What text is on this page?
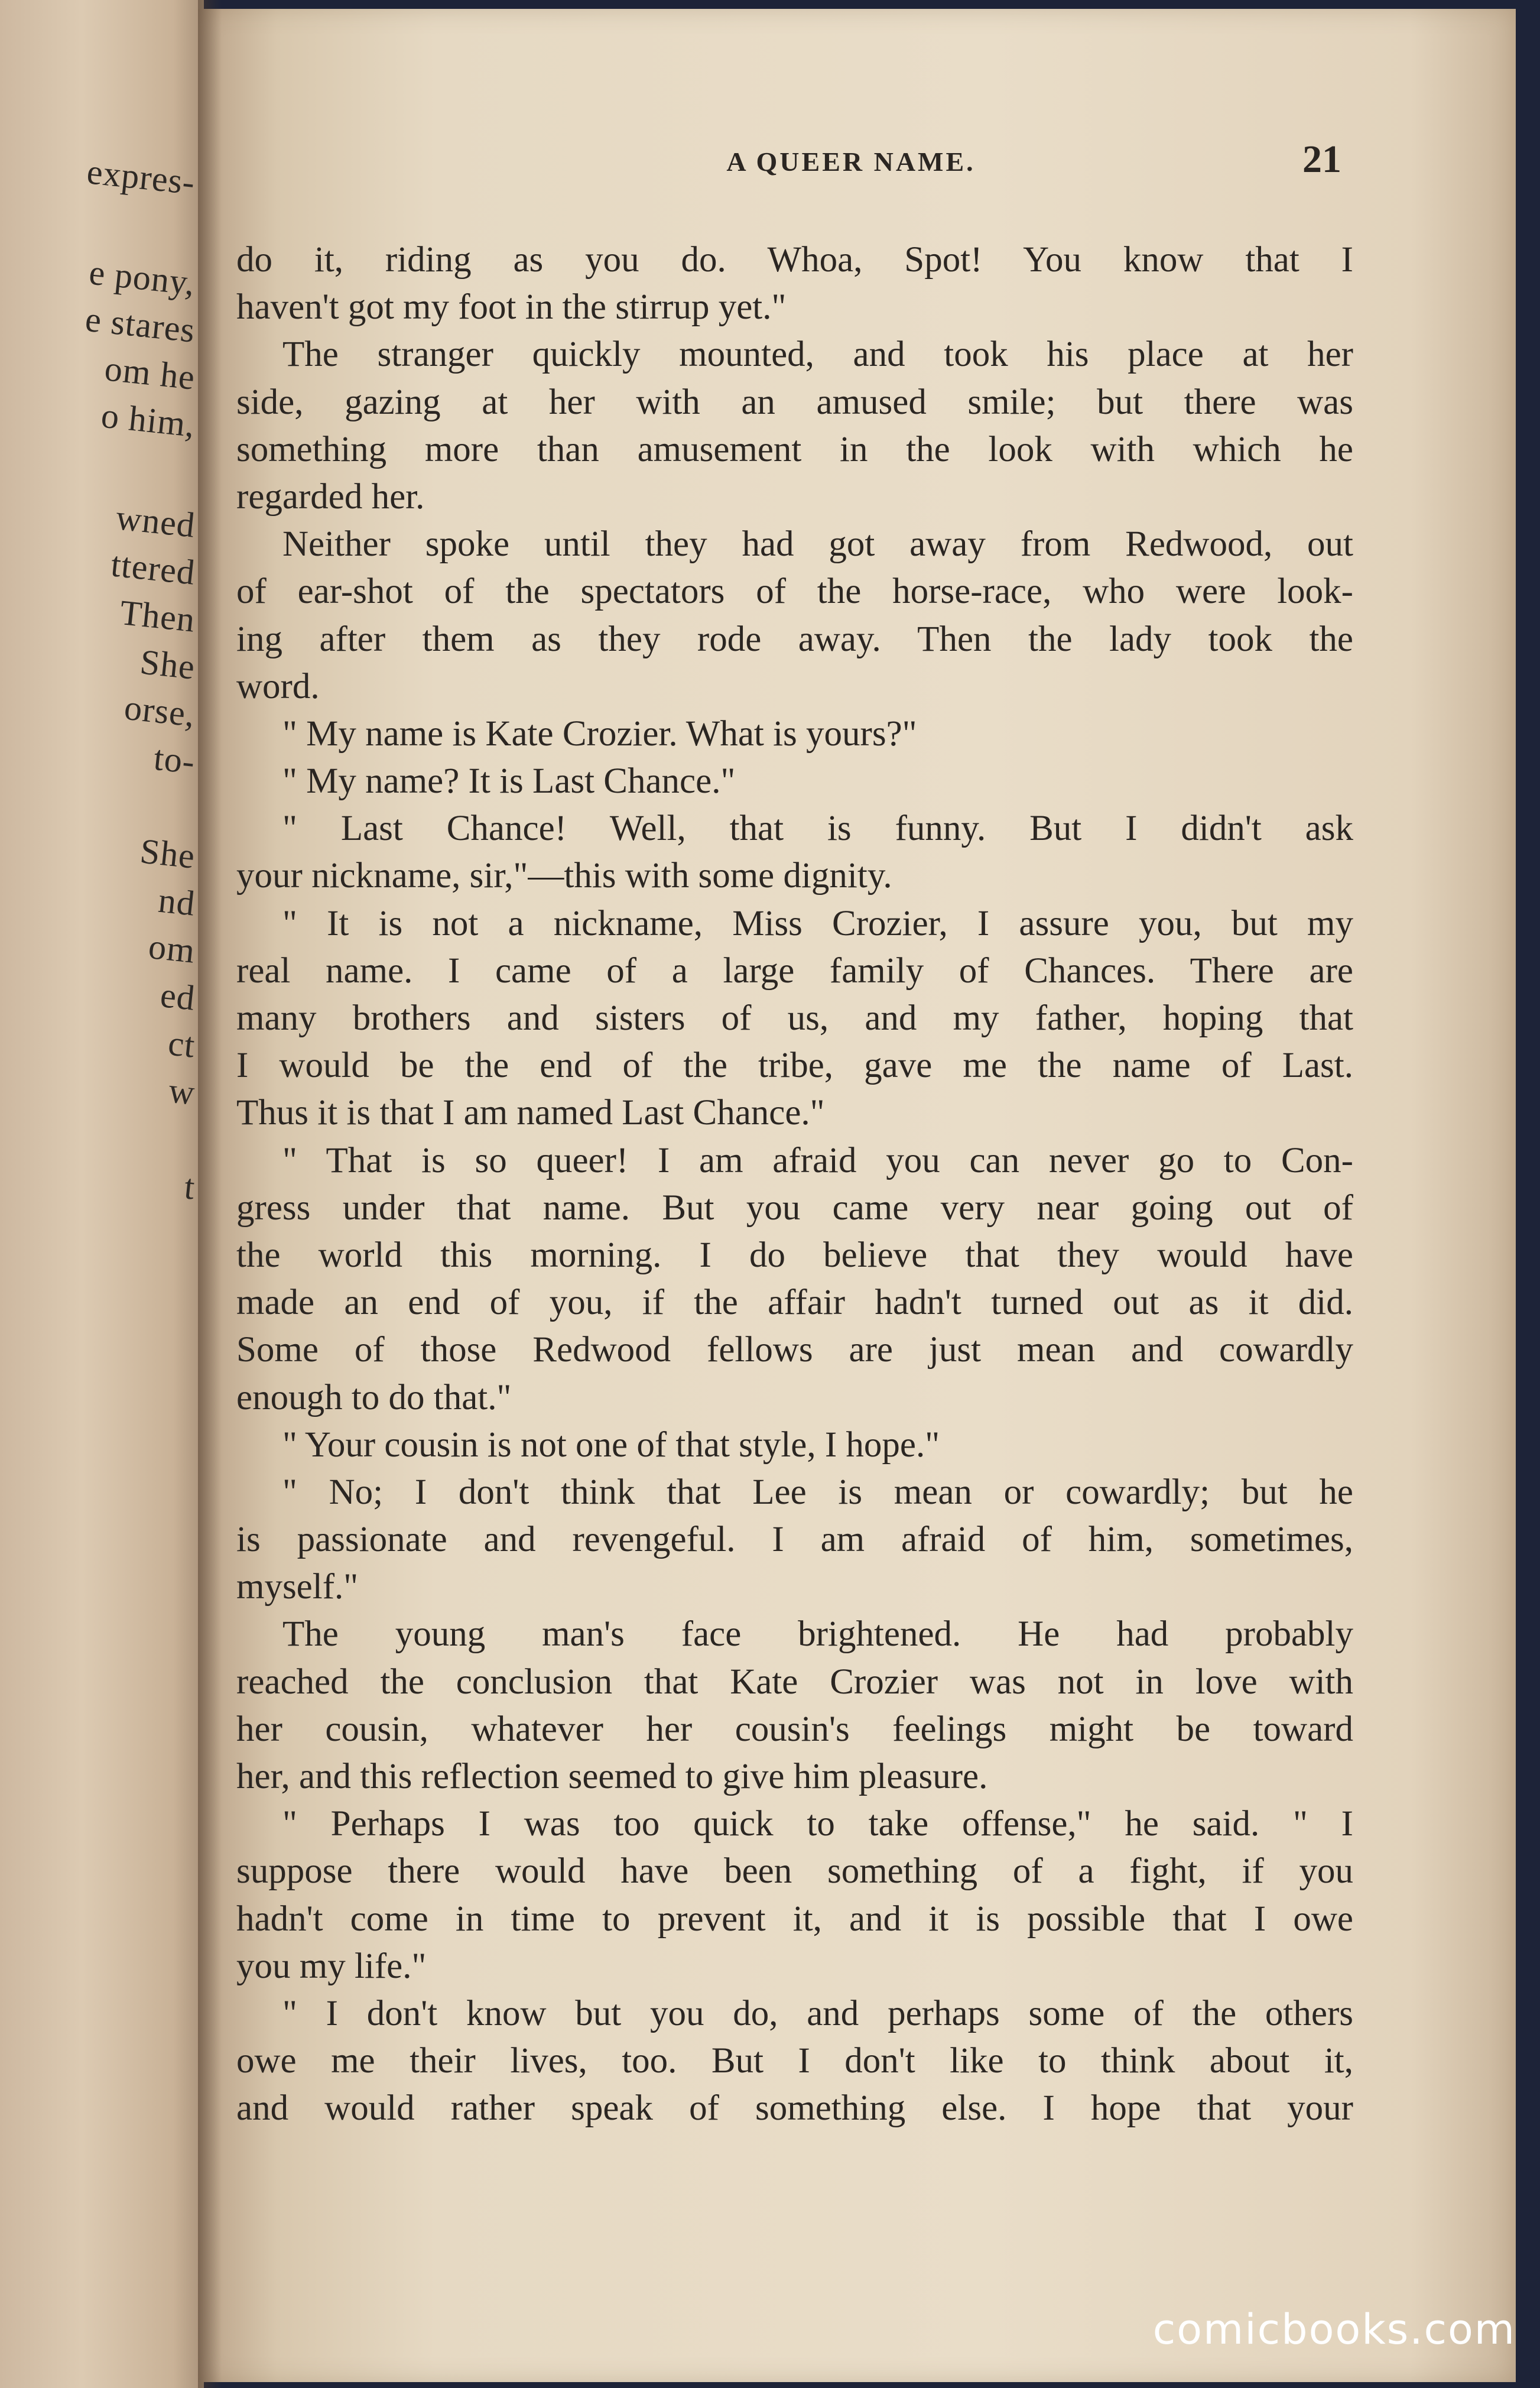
expres-
e pony,
e stares
om he
o him,
wned
ttered
Then
She
orse,
to-
She
nd
om
ed
ct
w
t
A QUEER NAME.	21
do it, riding as you do. Whoa, Spot! You know that I
haven't got my foot in the stirrup yet."
The stranger quickly mounted, and took his place at her
side, gazing at her with an amused smile; but there was
something more than amusement in the look with which he
regarded her.
Neither spoke until they had got away from Redwood, out
of ear-shot of the spectators of the horse-race, who were look-
ing after them as they rode away. Then the lady took the
word.
" My name is Kate Crozier. What is yours?"
" My name? It is Last Chance."
" Last Chance! Well, that is funny. But I didn't ask
your nickname, sir,"—this with some dignity.
" It is not a nickname, Miss Crozier, I assure you, but my
real name. I came of a large family of Chances. There are
many brothers and sisters of us, and my father, hoping that
I would be the end of the tribe, gave me the name of Last.
Thus it is that I am named Last Chance."
" That is so queer! I am afraid you can never go to Con-
gress under that name. But you came very near going out of
the world this morning. I do believe that they would have
made an end of you, if the affair hadn't turned out as it did.
Some of those Redwood fellows are just mean and cowardly
enough to do that."
" Your cousin is not one of that style, I hope."
" No; I don't think that Lee is mean or cowardly; but he
is passionate and revengeful. I am afraid of him, sometimes,
myself."
The young man's face brightened. He had probably
reached the conclusion that Kate Crozier was not in love with
her cousin, whatever her cousin's feelings might be toward
her, and this reflection seemed to give him pleasure.
" Perhaps I was too quick to take offense," he said. " I
suppose there would have been something of a fight, if you
hadn't come in time to prevent it, and it is possible that I owe
you my life."
" I don't know but you do, and perhaps some of the others
owe me their lives, too. But I don't like to think about it,
and would rather speak of something else. I hope that your
comicbooks.com
